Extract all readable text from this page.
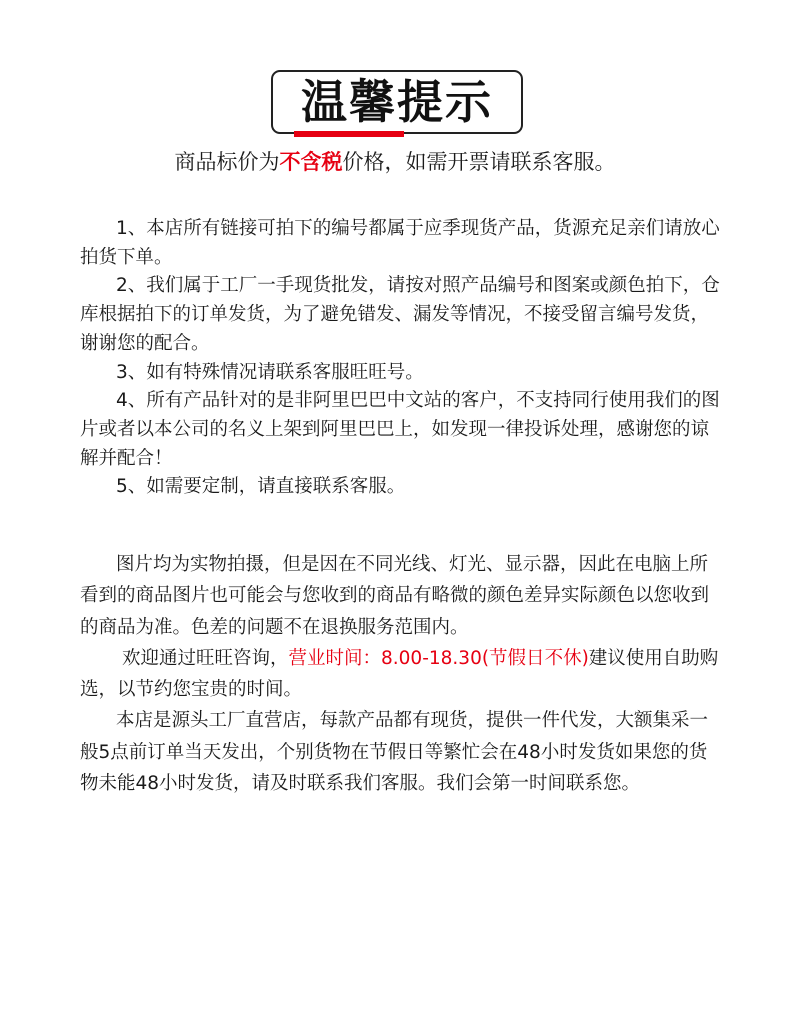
温馨提示
商品标价为不含税价格，如需开票请联系客服。

1、本店所有链接可拍下的编号都属于应季现货产品，货源充足亲们请放心拍货下单。

2、我们属于工厂一手现货批发，请按对照产品编号和图案或颜色拍下，仓库根据拍下的订单发货，为了避免错发、漏发等情况，不接受留言编号发货，谢谢您的配合。

3、如有特殊情况请联系客服旺旺号。

4、所有产品针对的是非阿里巴巴中文站的客户，不支持同行使用我们的图片或者以本公司的名义上架到阿里巴巴上，如发现一律投诉处理，感谢您的谅解并配合！

5、如需要定制，请直接联系客服。

图片均为实物拍摄，但是因在不同光线、灯光、显示器，因此在电脑上所看到的商品图片也可能会与您收到的商品有略微的颜色差异实际颜色以您收到的商品为准。色差的问题不在退换服务范围内。

欢迎通过旺旺咨询，营业时间：8.00-18.30(节假日不休)建议使用自助购选，以节约您宝贵的时间。

本店是源头工厂直营店，每款产品都有现货，提供一件代发，大额集采一般5点前订单当天发出，个别货物在节假日等繁忙会在48小时发货如果您的货物未能48小时发货，请及时联系我们客服。我们会第一时间联系您。
